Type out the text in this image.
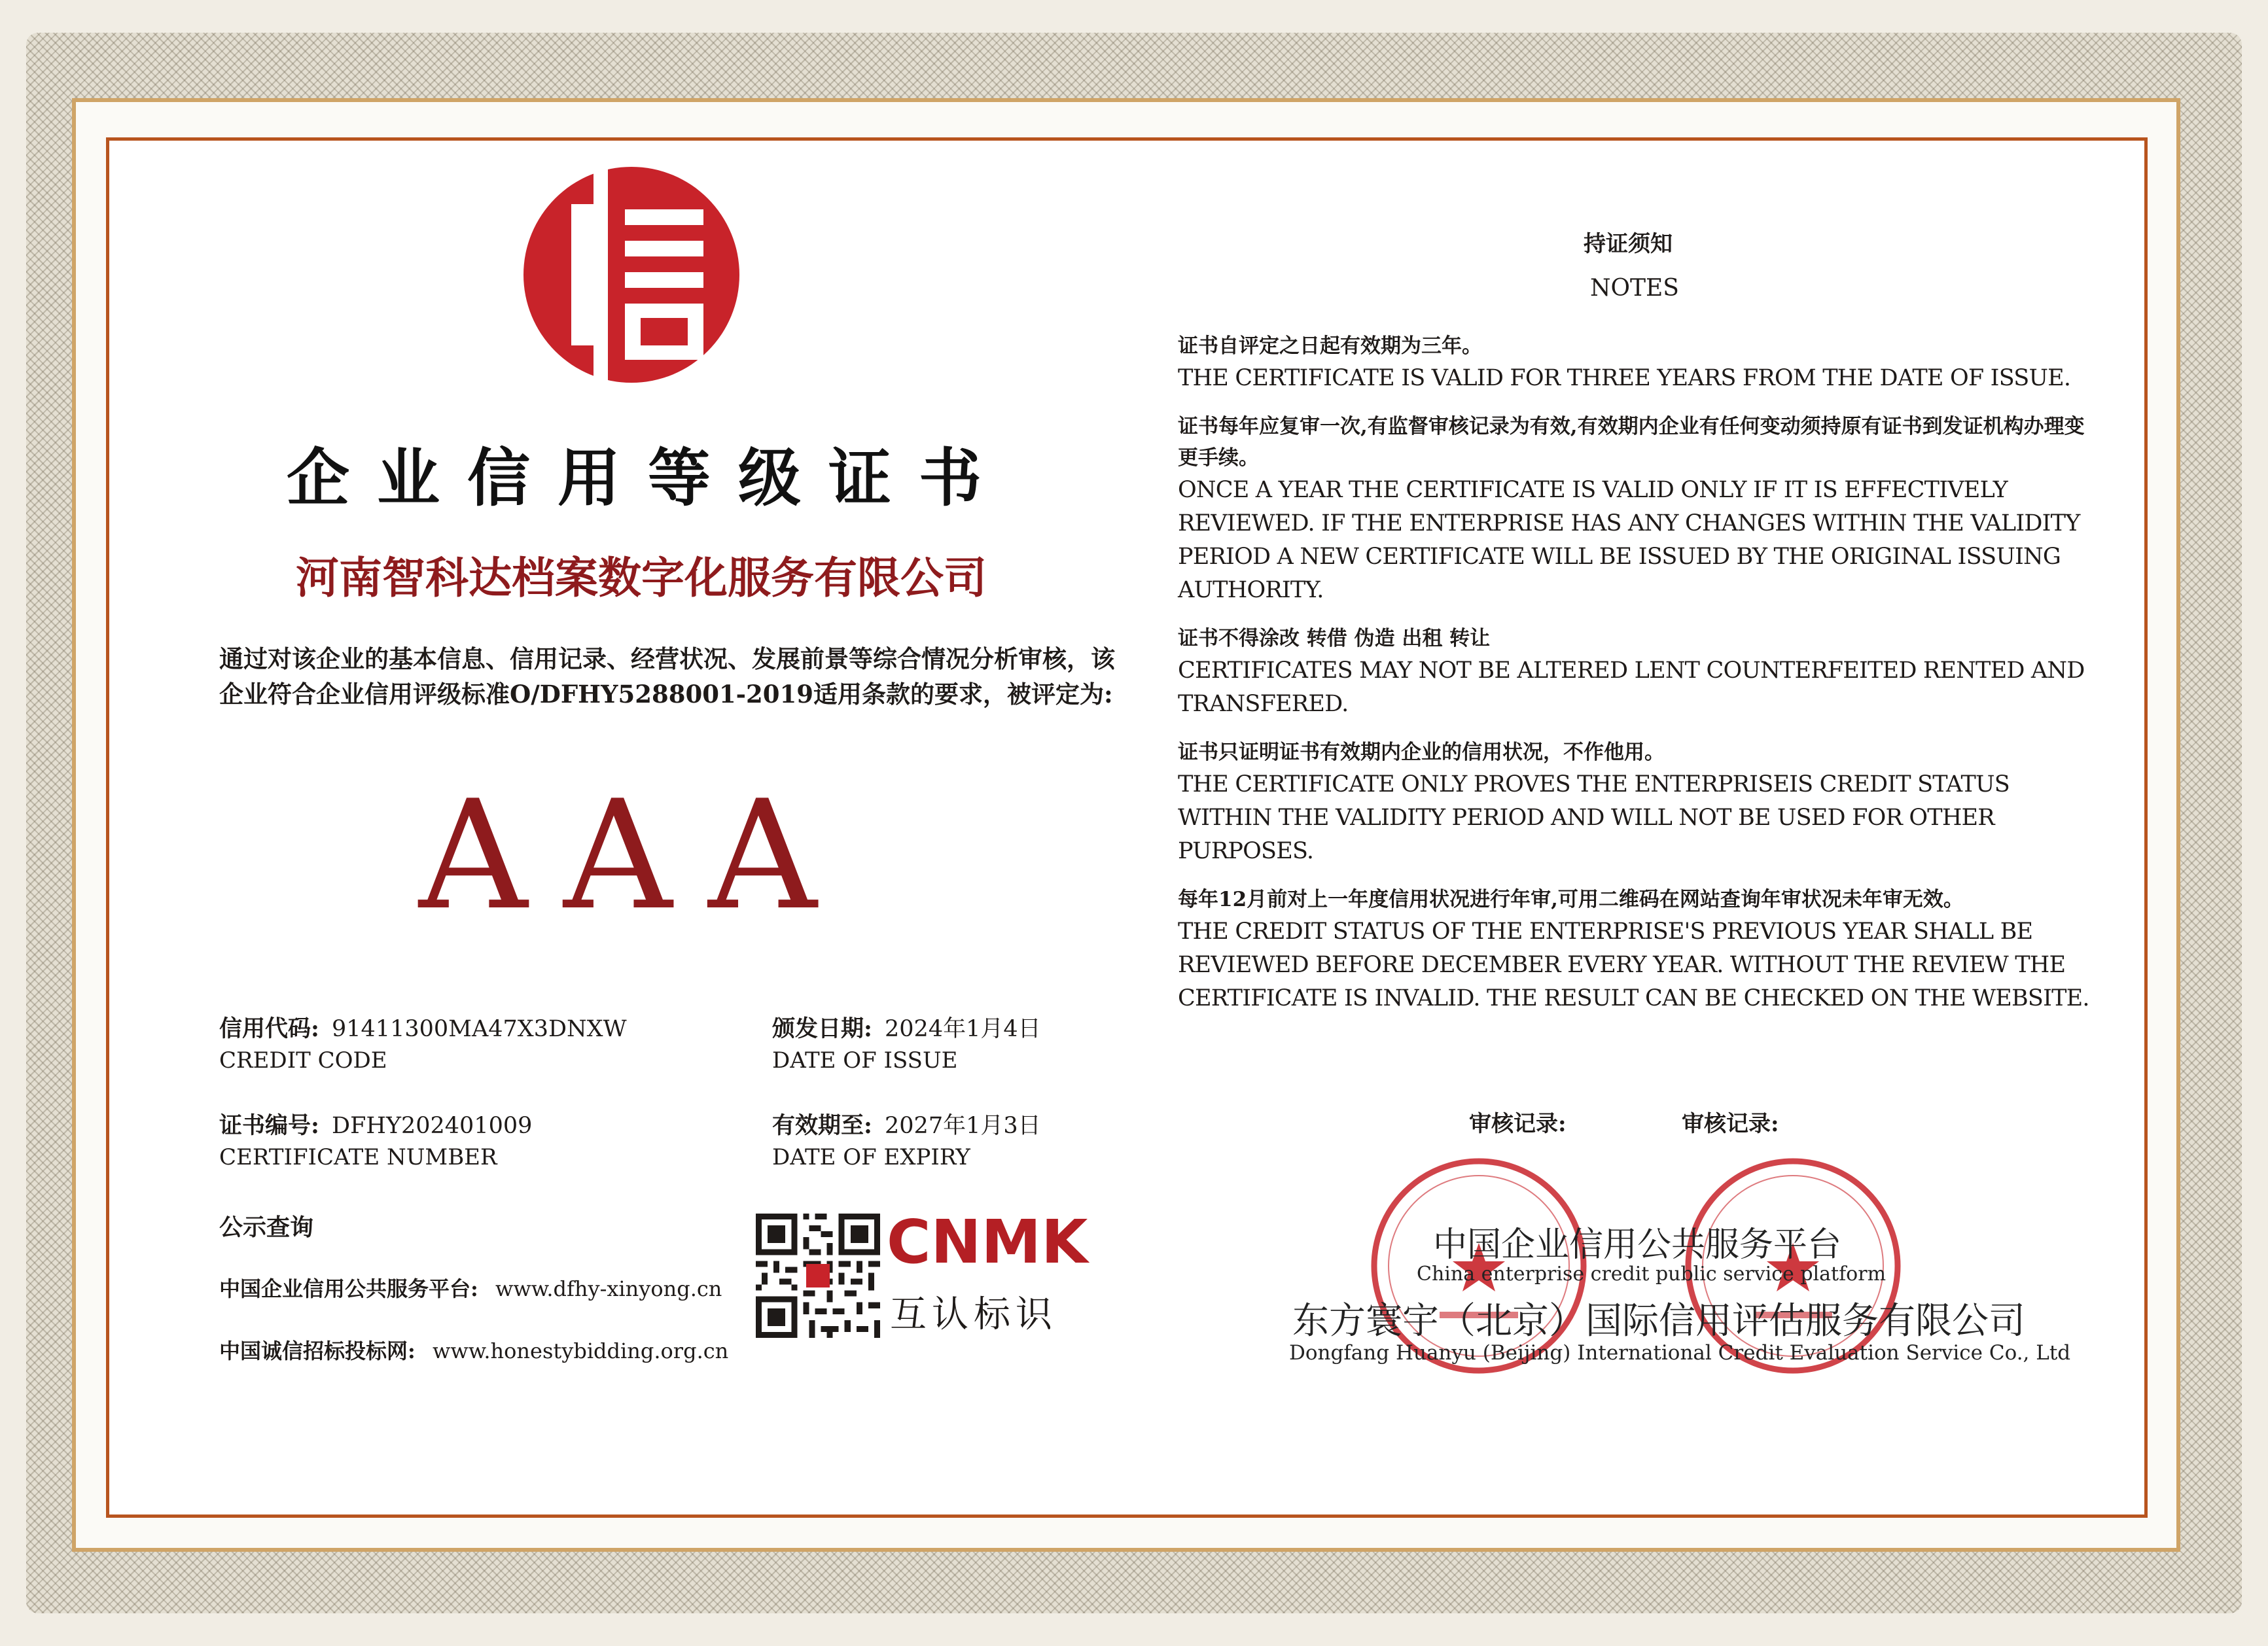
企业信用等级证书
河南智科达档案数字化服务有限公司
通过对该企业的基本信息、信用记录、经营状况、发展前景等综合情况分析审核，该企业符合企业信用评级标准O/DFHY5288001-2019适用条款的要求，被评定为:
AAA
信用代码: 91411300MA47X3DNXW
CREDIT CODE
颁发日期: 2024年1月4日
DATE OF ISSUE
证书编号: DFHY202401009
CERTIFICATE NUMBER
有效期至: 2027年1月3日
DATE OF EXPIRY
公示查询
中国企业信用公共服务平台: www.dfhy-xinyong.cn
中国诚信招标投标网: www.honestybidding.org.cn
CNMK
互认标识
持证须知
NOTES
证书自评定之日起有效期为三年。
THE CERTIFICATE IS VALID FOR THREE YEARS FROM THE DATE OF ISSUE.
证书每年应复审一次,有监督审核记录为有效,有效期内企业有任何变动须持原有证书到发证机构办理变更手续。
ONCE A YEAR THE CERTIFICATE IS VALID ONLY IF IT IS EFFECTIVELY REVIEWED. IF THE ENTERPRISE HAS ANY CHANGES WITHIN THE VALIDITY PERIOD A NEW CERTIFICATE WILL BE ISSUED BY THE ORIGINAL ISSUING AUTHORITY.
证书不得涂改 转借 伪造 出租 转让
CERTIFICATES MAY NOT BE ALTERED LENT COUNTERFEITED RENTED AND TRANSFERED.
证书只证明证书有效期内企业的信用状况，不作他用。
THE CERTIFICATE ONLY PROVES THE ENTERPRISEIS CREDIT STATUS WITHIN THE VALIDITY PERIOD AND WILL NOT BE USED FOR OTHER PURPOSES.
每年12月前对上一年度信用状况进行年审,可用二维码在网站查询年审状况未年审无效。
THE CREDIT STATUS OF THE ENTERPRISE'S PREVIOUS YEAR SHALL BE REVIEWED BEFORE DECEMBER EVERY YEAR. WITHOUT THE REVIEW THE CERTIFICATE IS INVALID. THE RESULT CAN BE CHECKED ON THE WEBSITE.
审核记录:	审核记录:
中国企业信用公共服务平台
China enterprise credit public service platform
东方寰宇（北京）国际信用评估服务有限公司
Dongfang Huanyu (Beijing) International Credit Evaluation Service Co., Ltd
